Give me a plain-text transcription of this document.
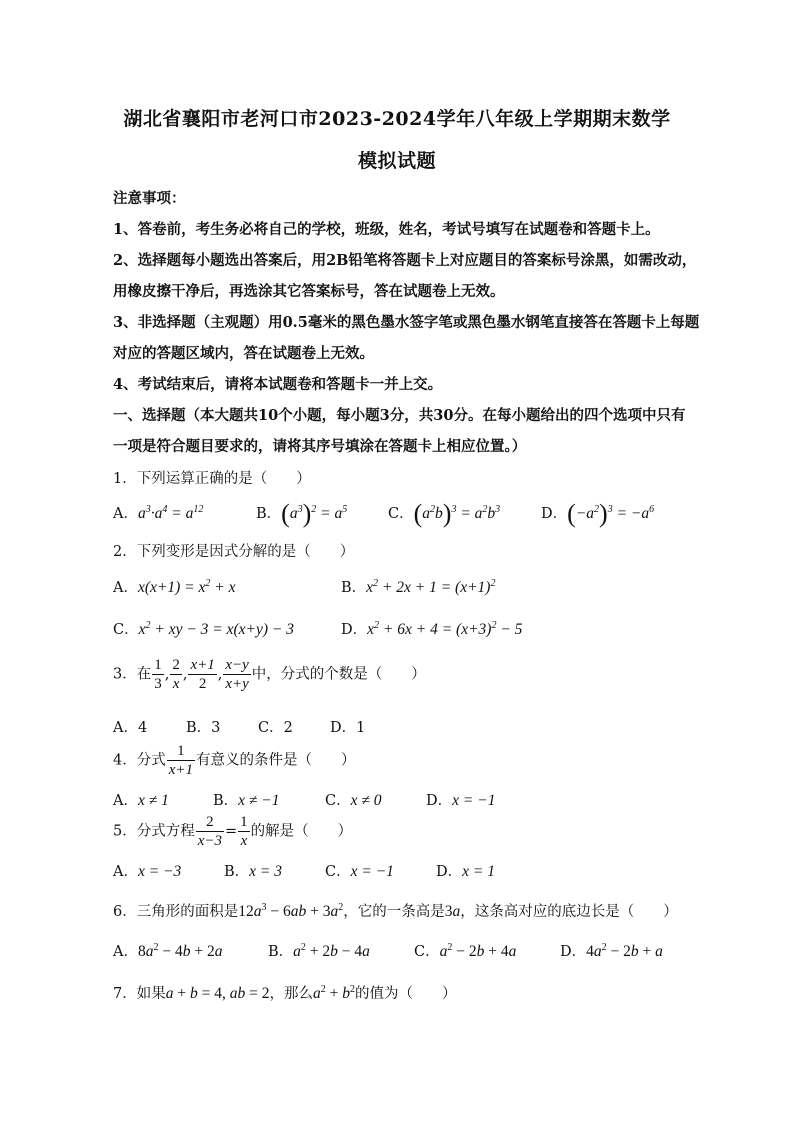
湖北省襄阳市老河口市2023-2024学年八年级上学期期末数学
模拟试题
注意事项：
1、答卷前，考生务必将自己的学校，班级，姓名，考试号填写在试题卷和答题卡上。
2、选择题每小题选出答案后，用2B铅笔将答题卡上对应题目的答案标号涂黑，如需改动，
用橡皮擦干净后，再选涂其它答案标号，答在试题卷上无效。
3、非选择题（主观题）用0.5毫米的黑色墨水签字笔或黑色墨水钢笔直接答在答题卡上每题
对应的答题区域内，答在试题卷上无效。
4、考试结束后，请将本试题卷和答题卡一并上交。
一、选择题（本大题共10个小题，每小题3分，共30分。在每小题给出的四个选项中只有
一项是符合题目要求的，请将其序号填涂在答题卡上相应位置。）
1．下列运算正确的是（　　）
A．$a^3\cdot a^4 = a^{12}$	B．$(a^3)^2 = a^5$	C．$(a^2b)^3 = a^2b^3$	D．$(-a^2)^3 = -a^6$
2．下列变形是因式分解的是（　　）
A．$x(x+1) = x^2 + x$	B．$x^2 + 2x + 1 = (x+1)^2$
C．$x^2$ + xy − 3 = x(x+y) − 3	D．$x^2 + 6x + 4 = (x+3)^2 - 5$
3．在 $\frac{1}{3}$ , $\frac{2}{x}$ , $\frac{x+1}{2}$ , $\frac{x-y}{x+y}$ 中，分式的个数是（　　）
A．4	B．3	C．2	D．1
4．分式 $\frac{1}{x+1}$ 有意义的条件是（　　）
A．x ≠ 1	B．x ≠ −1	C．x ≠ 0	D．x = −1
5．分式方程 $\frac{2}{x-3} = \frac{1}{x}$ 的解是（　　）
A．x = −3	B．x = 3	C．x = −1	D．x = 1
6．三角形的面积是$12a^3 - 6ab + 3a^2$，它的一条高是3a，这条高对应的底边长是（　　）
A．$8a^2 - 4b + 2a$	B．$a^2 + 2b - 4a$	C．$a^2 - 2b + 4a$	D．$4a^2 - 2b + a$
7．如果a + b = 4, ab = 2，那么$a^2 + b^2$的值为（　　）
